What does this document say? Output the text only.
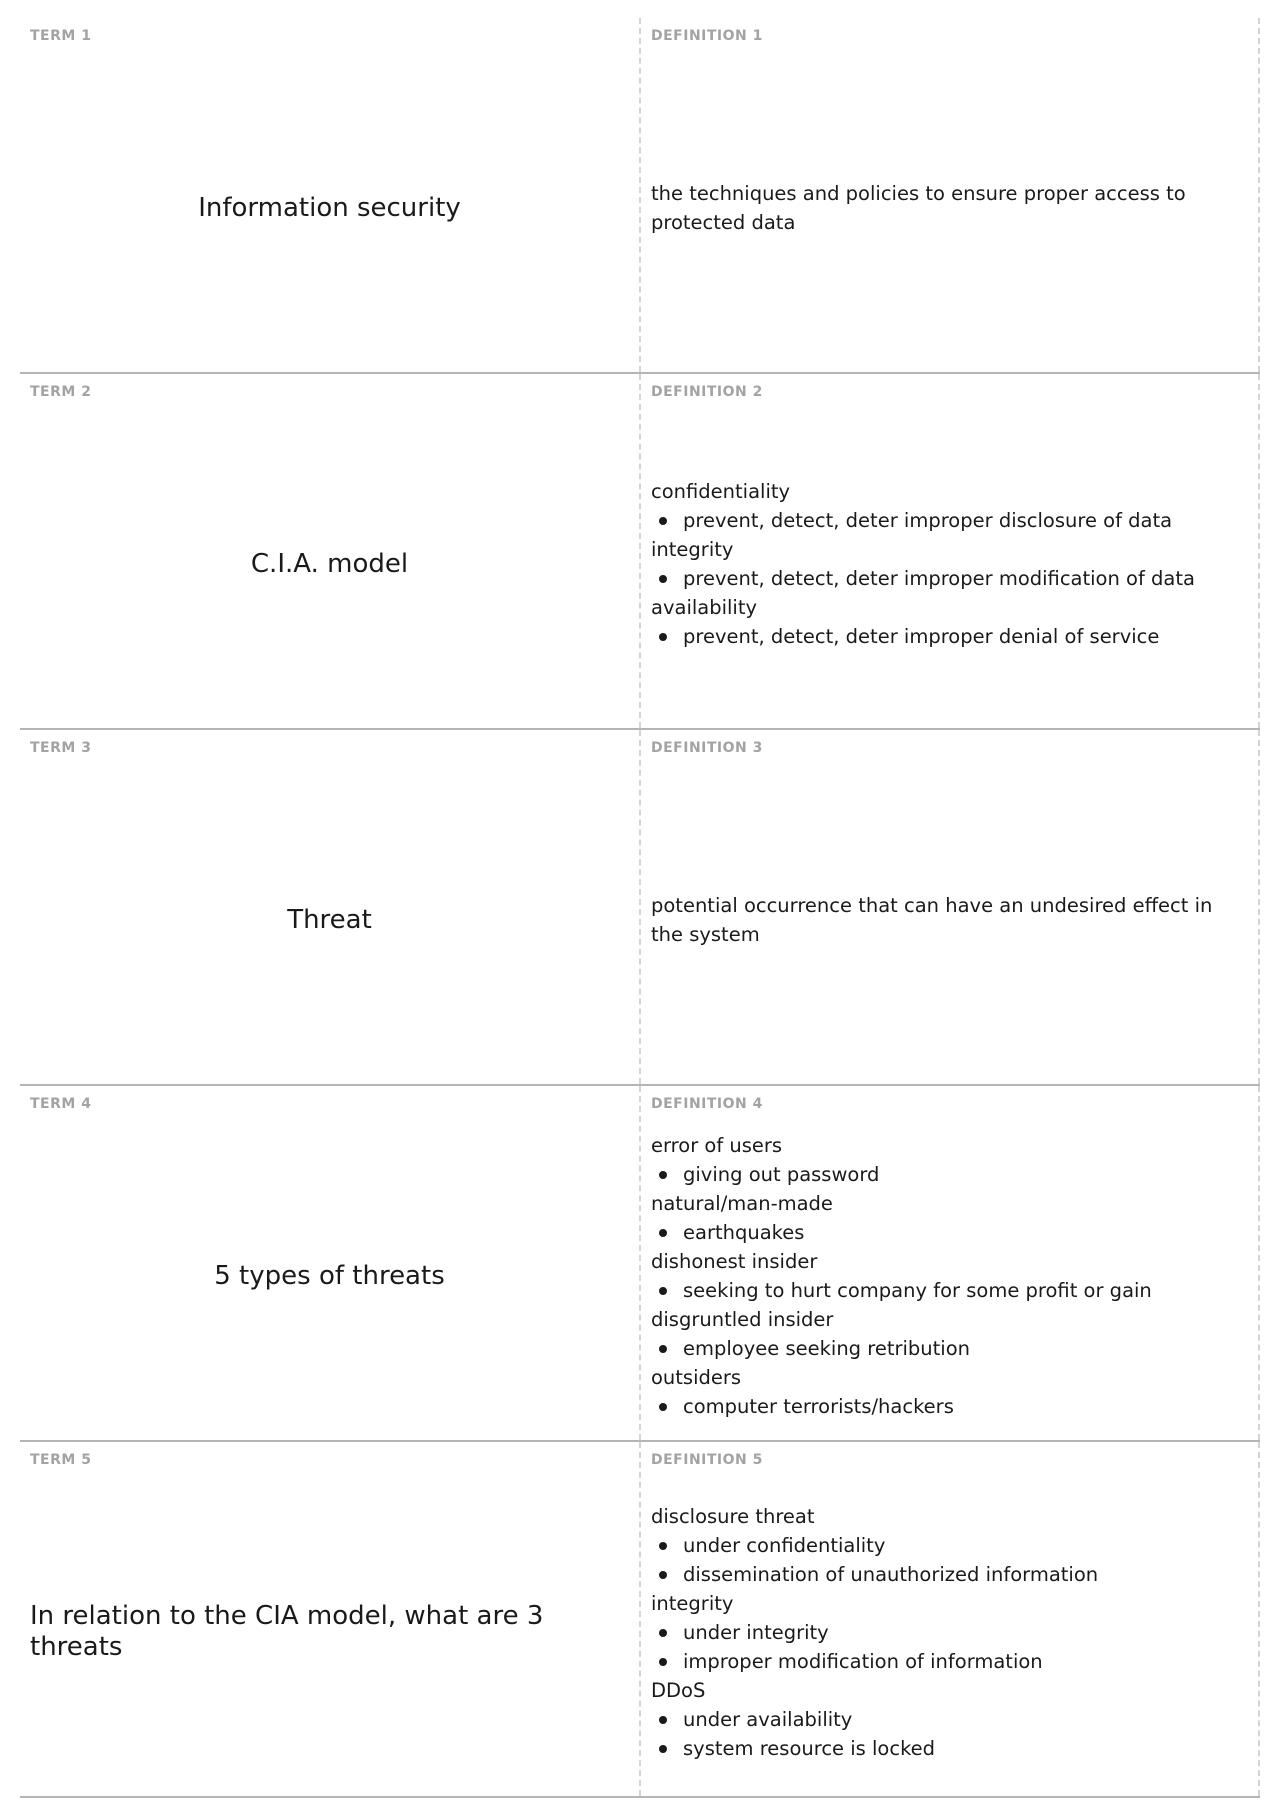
TERM 1
Information security
DEFINITION 1
the techniques and policies to ensure proper access to protected data
TERM 2
C.I.A. model
DEFINITION 2
confidentiality
prevent, detect, deter improper disclosure of data
integrity
prevent, detect, deter improper modification of data
availability
prevent, detect, deter improper denial of service
TERM 3
Threat
DEFINITION 3
potential occurrence that can have an undesired effect in the system
TERM 4
5 types of threats
DEFINITION 4
error of users
giving out password
natural/man-made
earthquakes
dishonest insider
seeking to hurt company for some profit or gain
disgruntled insider
employee seeking retribution
outsiders
computer terrorists/hackers
TERM 5
In relation to the CIA model, what are 3 threats
DEFINITION 5
disclosure threat
under confidentiality
dissemination of unauthorized information
integrity
under integrity
improper modification of information
DDoS
under availability
system resource is locked
